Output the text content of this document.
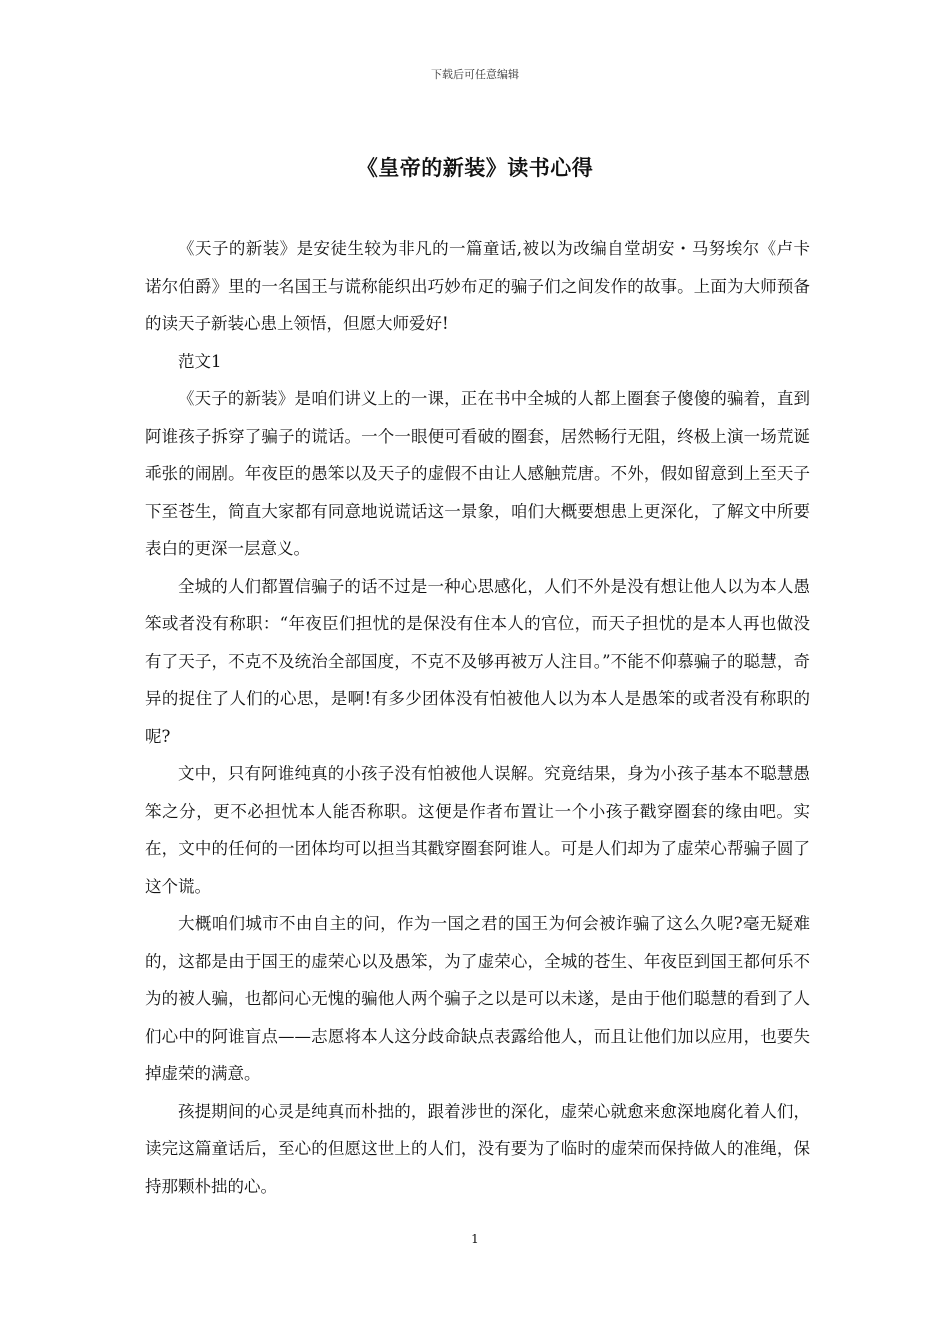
下载后可任意编辑
《皇帝的新装》读书心得

《天子的新装》是安徒生较为非凡的一篇童话,被以为改编自堂胡安・马努埃尔《卢卡诺尔伯爵》里的一名国王与谎称能织出巧妙布疋的骗子们之间发作的故事。上面为大师预备的读天子新装心患上领悟，但愿大师爱好!

范文1

《天子的新装》是咱们讲义上的一课，正在书中全城的人都上圈套子傻傻的骗着，直到阿谁孩子拆穿了骗子的谎话。一个一眼便可看破的圈套，居然畅行无阻，终极上演一场荒诞乖张的闹剧。年夜臣的愚笨以及天子的虚假不由让人感触荒唐。不外，假如留意到上至天子下至苍生，简直大家都有同意地说谎话这一景象，咱们大概要想患上更深化，了解文中所要表白的更深一层意义。

全城的人们都置信骗子的话不过是一种心思感化，人们不外是没有想让他人以为本人愚笨或者没有称职：“年夜臣们担忧的是保没有住本人的官位，而天子担忧的是本人再也做没有了天子，不克不及统治全部国度，不克不及够再被万人注目。”不能不仰慕骗子的聪慧，奇异的捉住了人们的心思，是啊!有多少团体没有怕被他人以为本人是愚笨的或者没有称职的呢?

文中，只有阿谁纯真的小孩子没有怕被他人误解。究竟结果，身为小孩子基本不聪慧愚笨之分，更不必担忧本人能否称职。这便是作者布置让一个小孩子戳穿圈套的缘由吧。实在，文中的任何的一团体均可以担当其戳穿圈套阿谁人。可是人们却为了虚荣心帮骗子圆了这个谎。

大概咱们城市不由自主的问，作为一国之君的国王为何会被诈骗了这么久呢?毫无疑难的，这都是由于国王的虚荣心以及愚笨，为了虚荣心，全城的苍生、年夜臣到国王都何乐不为的被人骗，也都问心无愧的骗他人两个骗子之以是可以未遂，是由于他们聪慧的看到了人们心中的阿谁盲点——志愿将本人这分歧命缺点表露给他人，而且让他们加以应用，也要失掉虚荣的满意。

孩提期间的心灵是纯真而朴拙的，跟着涉世的深化，虚荣心就愈来愈深地腐化着人们，读完这篇童话后，至心的但愿这世上的人们，没有要为了临时的虚荣而保持做人的准绳，保持那颗朴拙的心。

1
